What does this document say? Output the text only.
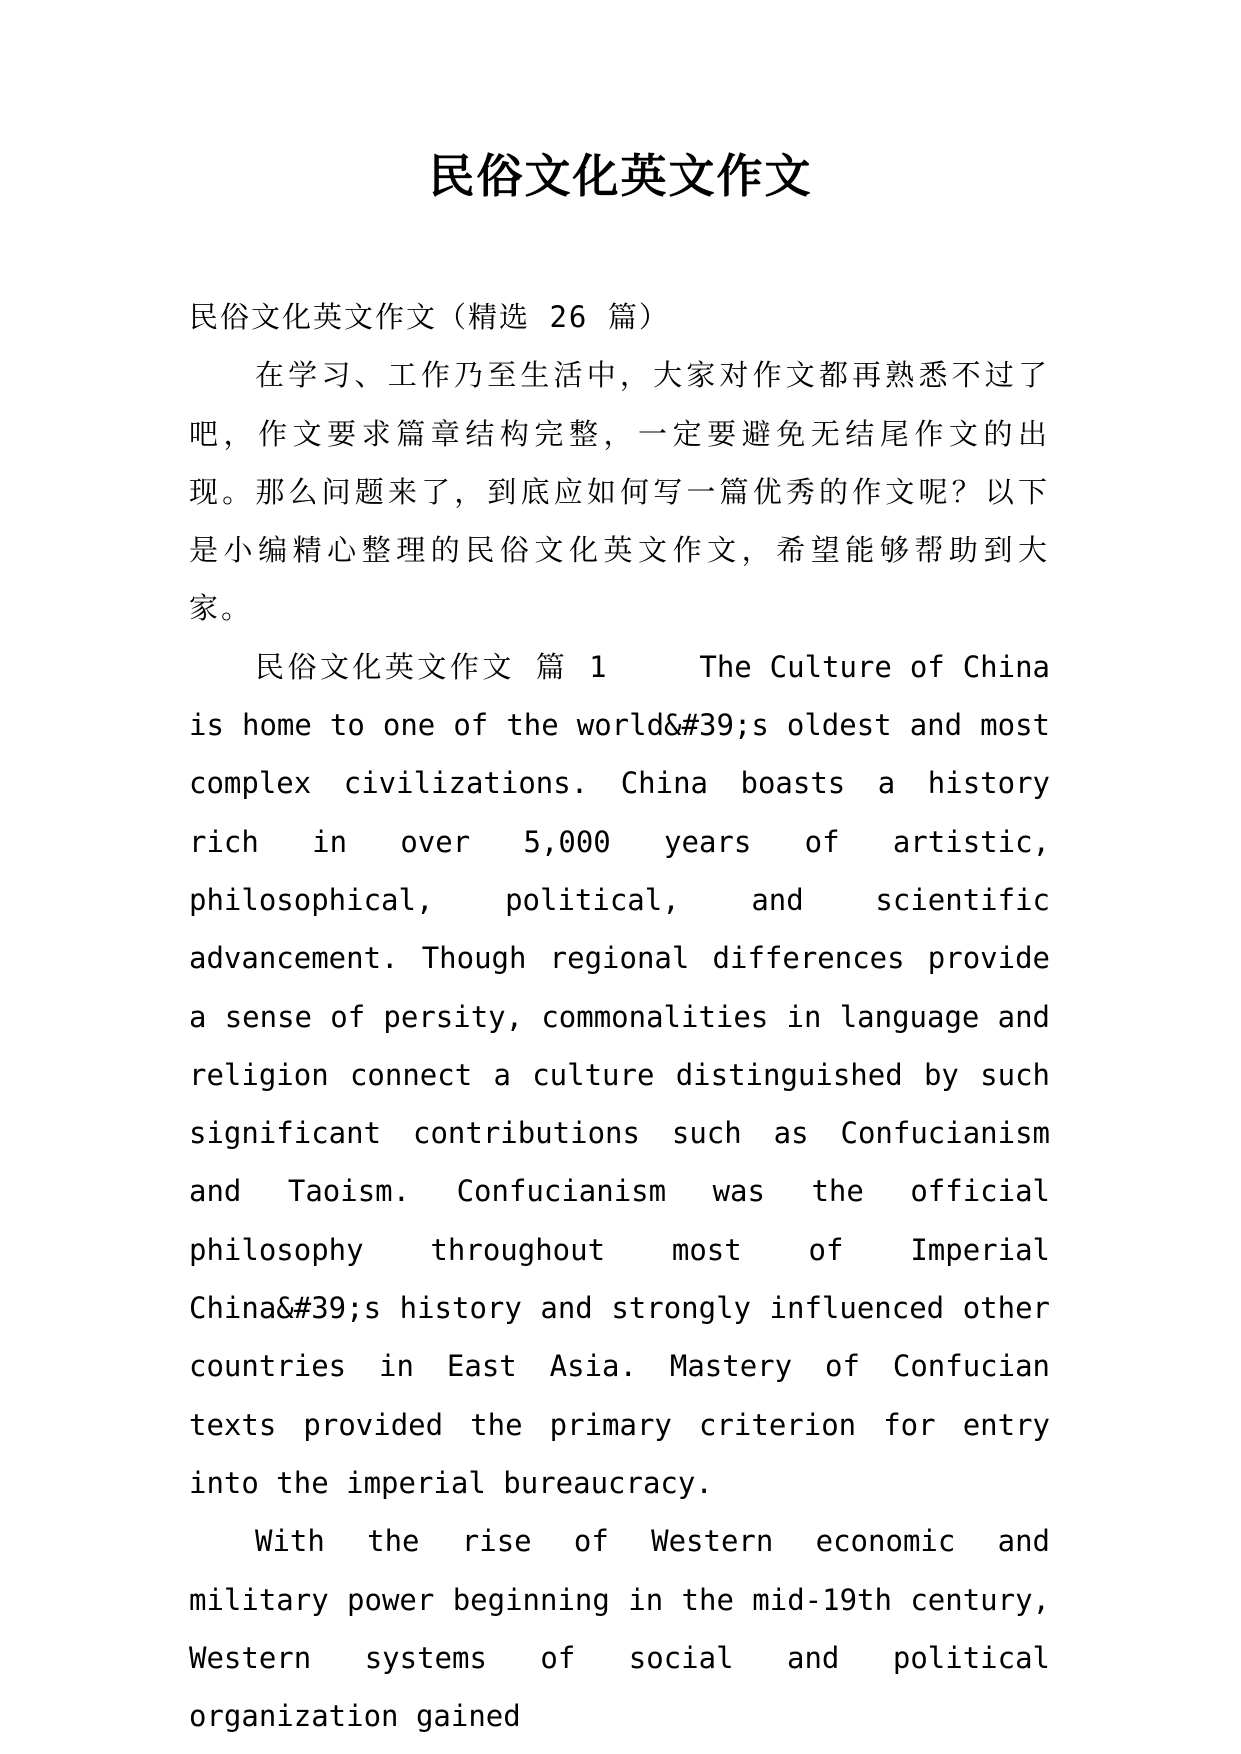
民俗文化英文作文

民俗文化英文作文（精选 26 篇）

在学习、工作乃至生活中，大家对作文都再熟悉不过了吧，作文要求篇章结构完整，一定要避免无结尾作文的出现。那么问题来了，到底应如何写一篇优秀的作文呢？以下是小编精心整理的民俗文化英文作文，希望能够帮助到大家。

民俗文化英文作文 篇 1	The Culture of China is home to one of the world&#39;s oldest and most complex civilizations. China boasts a history rich in over 5,000 years of artistic, philosophical, political, and scientific advancement. Though regional differences provide a sense of persity, commonalities in language and religion connect a culture distinguished by such significant contributions such as Confucianism and Taoism. Confucianism was the official philosophy throughout most of Imperial China&#39;s history and strongly influenced other countries in East Asia. Mastery of Confucian texts provided the primary criterion for entry into the imperial bureaucracy.

With the rise of Western economic and military power beginning in the mid-19th century, Western systems of social and political organization gained
